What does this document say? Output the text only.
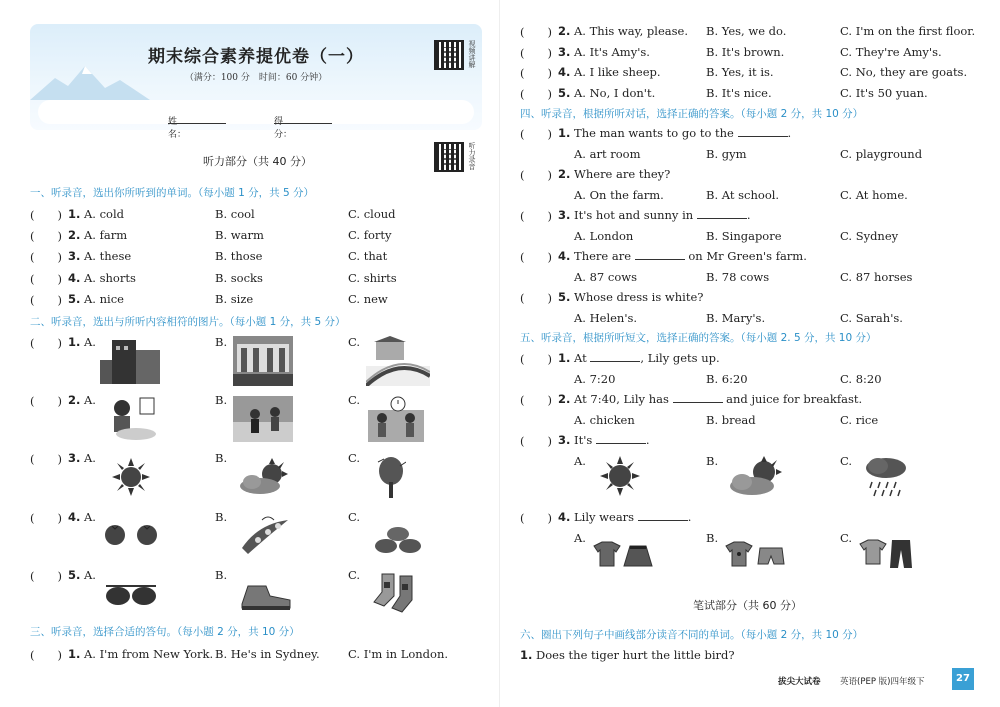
期末综合素养提优卷（一）
（满分：100 分　时间：60 分钟）
姓名：
得分：
视频讲解
听力录音
听力部分（共 40 分）
一、听录音，选出你所听到的单词。（每小题 1 分，共 5 分）
(　　) 1. A. cold	B. cool	C. cloud
(　　) 2. A. farm	B. warm	C. forty
(　　) 3. A. these	B. those	C. that
(　　) 4. A. shorts	B. socks	C. shirts
(　　) 5. A. nice	B. size	C. new
二、听录音，选出与所听内容相符的图片。（每小题 1 分，共 5 分）
(　　) 1. A.	B.	C.
(　　) 2. A.	B.	C.
(　　) 3. A.	B.	C.
(　　) 4. A.	B.	C.
(　　) 5. A.	B.	C.
三、听录音，选择合适的答句。（每小题 2 分，共 10 分）
(　　) 1. A. I'm from New York. B. He's in Sydney. C. I'm in London.
(　　) 2. A. This way, please. B. Yes, we do.	C. I'm on the first floor.
(　　) 3. A. It's Amy's.	B. It's brown.	C. They're Amy's.
(　　) 4. A. I like sheep.	B. Yes, it is.	C. No, they are goats.
(　　) 5. A. No, I don't.	B. It's nice.	C. It's 50 yuan.
四、听录音，根据所听对话，选择正确的答案。（每小题 2 分，共 10 分）
(　　) 1. The man wants to go to the	.
A. art room	B. gym	C. playground
(　　) 2. Where are they?
A. On the farm.	B. At school.	C. At home.
(　　) 3. It's hot and sunny in	.
A. London	B. Singapore	C. Sydney
(　　) 4. There are	on Mr Green's farm.
A. 87 cows	B. 78 cows	C. 87 horses
(　　) 5. Whose dress is white?
A. Helen's.	B. Mary's.	C. Sarah's.
五、听录音，根据所听短文，选择正确的答案。（每小题 2. 5 分，共 10 分）
(　　) 1. At	, Lily gets up.
A. 7:20	B. 6:20	C. 8:20
(　　) 2. At 7:40, Lily has	and juice for breakfast.
A. chicken	B. bread	C. rice
(　　) 3. It's	.
A.	B.	C.
(　　) 4. Lily wears	.
A.	B.	C.
笔试部分（共 60 分）
六、圈出下列句子中画线部分读音不同的单词。（每小题 2 分，共 10 分）
1. Does the tiger hurt the little bird?
拔尖大试卷 英语(PEP 版)四年级下	27
